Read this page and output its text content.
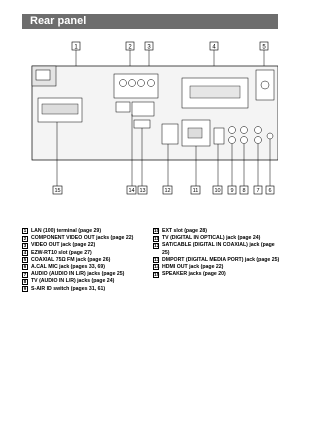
Rear panel
1	2	3	4	5
15	14 13	12	11	10 9 8 7 6
1 LAN (100) terminal (page 29)
2 COMPONENT VIDEO OUT jacks (page 22)
3 VIDEO OUT jack (page 22)
4 EZW-RT10 slot (page 27)
5 COAXIAL 75Ω FM jack (page 26)
6 A.CAL MIC jack (pages 33, 69)
7 AUDIO (AUDIO IN L/R) jacks (page 25)
8 TV (AUDIO IN L/R) jacks (page 24)
9 S-AIR ID switch (pages 31, 61)
10 EXT slot (page 28)
11 TV (DIGITAL IN OPTICAL) jack (page 24)
12 SAT/CABLE (DIGITAL IN COAXIAL) jack (page 25)
13 DMPORT (DIGITAL MEDIA PORT) jack (page 25)
14 HDMI OUT jack (page 22)
15 SPEAKER jacks (page 20)
